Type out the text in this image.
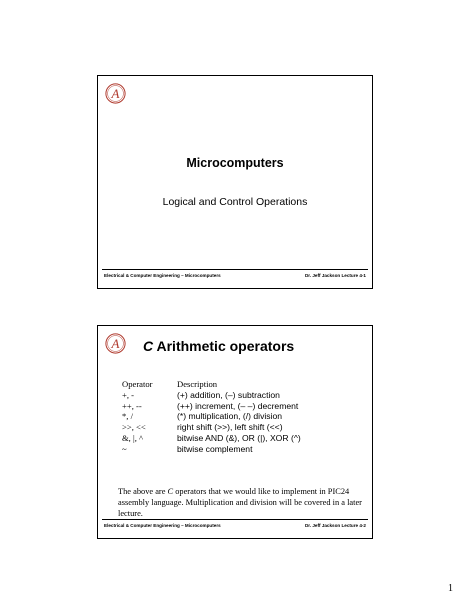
A
Microcomputers
Logical and Control Operations
Electrical & Computer Engineering – Microcomputers	Dr. Jeff Jackson Lecture 4-1
A C Arithmetic operators
Operator	Description
+, -	(+) addition, (–) subtraction
++, --	(++) increment, (– –) decrement
*, /	(*) multiplication, (/) division
>>, <<	right shift (>>), left shift (<<)
&, |, ^	bitwise AND (&), OR (|), XOR (^)
~	bitwise complement
The above are C operators that we would like to implement in PIC24 assembly language. Multiplication and division will be covered in a later lecture.
Electrical & Computer Engineering – Microcomputers	Dr. Jeff Jackson Lecture 4-2
1
